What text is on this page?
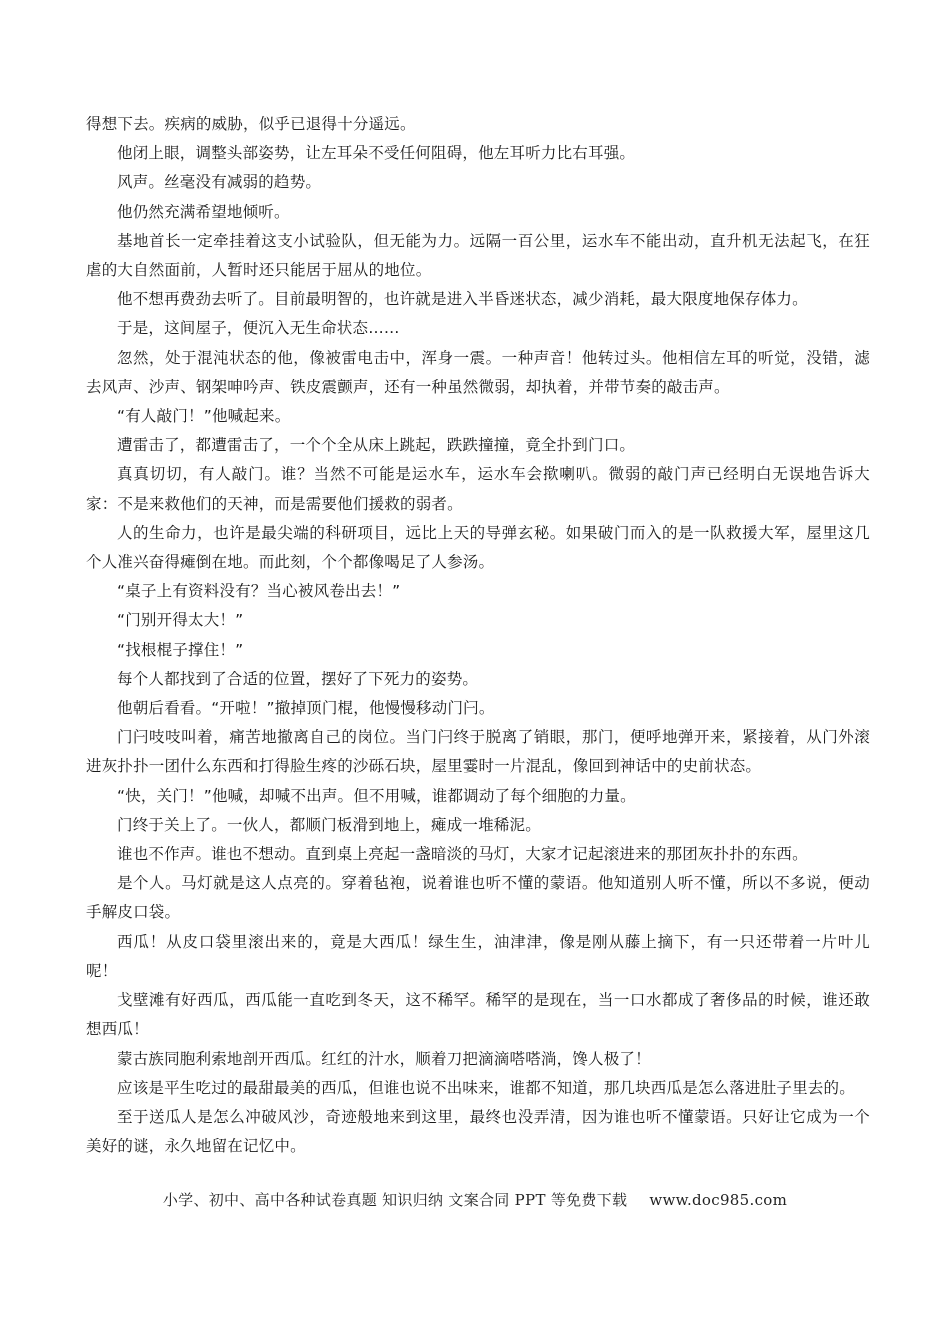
得想下去。疾病的威胁，似乎已退得十分遥远。

他闭上眼，调整头部姿势，让左耳朵不受任何阻碍，他左耳听力比右耳强。

风声。丝毫没有减弱的趋势。

他仍然充满希望地倾听。

基地首长一定牵挂着这支小试验队，但无能为力。远隔一百公里，运水车不能出动，直升机无法起飞，在狂虐的大自然面前，人暂时还只能居于屈从的地位。

他不想再费劲去听了。目前最明智的，也许就是进入半昏迷状态，减少消耗，最大限度地保存体力。

于是，这间屋子，便沉入无生命状态……

忽然，处于混沌状态的他，像被雷电击中，浑身一震。一种声音！他转过头。他相信左耳的听觉，没错，滤去风声、沙声、钢架呻吟声、铁皮震颤声，还有一种虽然微弱，却执着，并带节奏的敲击声。

“有人敲门！”他喊起来。

遭雷击了，都遭雷击了，一个个全从床上跳起，跌跌撞撞，竟全扑到门口。

真真切切，有人敲门。谁？当然不可能是运水车，运水车会揿喇叭。微弱的敲门声已经明白无误地告诉大家：不是来救他们的天神，而是需要他们援救的弱者。

人的生命力，也许是最尖端的科研项目，远比上天的导弹玄秘。如果破门而入的是一队救援大军，屋里这几个人准兴奋得瘫倒在地。而此刻，个个都像喝足了人参汤。

“桌子上有资料没有？当心被风卷出去！”

“门别开得太大！”

“找根棍子撑住！”

每个人都找到了合适的位置，摆好了下死力的姿势。

他朝后看看。“开啦！”撤掉顶门棍，他慢慢移动门闩。

门闩吱吱叫着，痛苦地撤离自己的岗位。当门闩终于脱离了销眼，那门，便呼地弹开来，紧接着，从门外滚进灰扑扑一团什么东西和打得脸生疼的沙砾石块，屋里霎时一片混乱，像回到神话中的史前状态。

“快，关门！”他喊，却喊不出声。但不用喊，谁都调动了每个细胞的力量。

门终于关上了。一伙人，都顺门板滑到地上，瘫成一堆稀泥。

谁也不作声。谁也不想动。直到桌上亮起一盏暗淡的马灯，大家才记起滚进来的那团灰扑扑的东西。

是个人。马灯就是这人点亮的。穿着毡袍，说着谁也听不懂的蒙语。他知道别人听不懂，所以不多说，便动手解皮口袋。

西瓜！从皮口袋里滚出来的，竟是大西瓜！绿生生，油津津，像是刚从藤上摘下，有一只还带着一片叶儿呢！

戈壁滩有好西瓜，西瓜能一直吃到冬天，这不稀罕。稀罕的是现在，当一口水都成了奢侈品的时候，谁还敢想西瓜！

蒙古族同胞利索地剖开西瓜。红红的汁水，顺着刀把滴滴嗒嗒淌，馋人极了！

应该是平生吃过的最甜最美的西瓜，但谁也说不出味来，谁都不知道，那几块西瓜是怎么落进肚子里去的。

至于送瓜人是怎么冲破风沙，奇迹般地来到这里，最终也没弄清，因为谁也听不懂蒙语。只好让它成为一个美好的谜，永久地留在记忆中。

小学、初中、高中各种试卷真题 知识归纳 文案合同 PPT 等免费下载 www.doc985.com
